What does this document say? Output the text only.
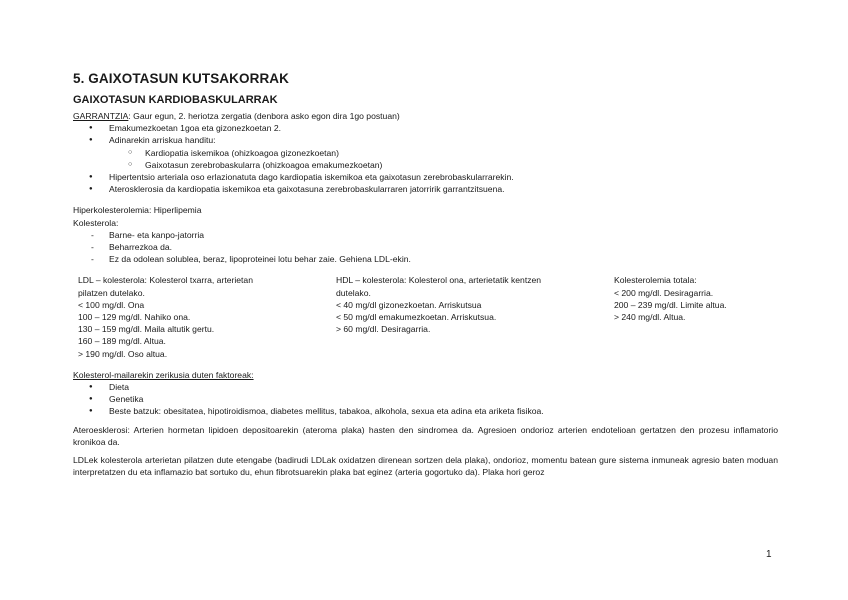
5. GAIXOTASUN KUTSAKORRAK
GAIXOTASUN KARDIOBASKULARRAK

GARRANTZIA: Gaur egun, 2. heriotza zergatia (denbora asko egon dira 1go postuan)

● Emakumezkoetan 1goa eta gizonezkoetan 2.
● Adinarekin arriskua handitu:
○ Kardiopatia iskemikoa (ohizkoagoa gizonezkoetan)
○ Gaixotasun zerebrobaskularra (ohizkoagoa emakumezkoetan)
● Hipertentsio arteriala oso erlazionatuta dago kardiopatia iskemikoa eta gaixotasun zerebrobaskularrarekin.
● Aterosklerosia da kardiopatia iskemikoa eta gaixotasuna zerebrobaskularraren jatorririk garrantzitsuena.

Hiperkolesterolemia: Hiperlipemia

Kolesterola:

- Barne- eta kanpo-jatorria
- Beharrezkoa da.
- Ez da odolean solublea, beraz, lipoproteinei lotu behar zaie. Gehiena LDL-ekin.

LDL – kolesterola: Kolesterol txarra, arterietan

pilatzen dutelako.

< 100 mg/dl. Ona

100 – 129 mg/dl. Nahiko ona.

130 – 159 mg/dl. Maila altutik gertu.

160 – 189 mg/dl. Altua.

> 190 mg/dl. Oso altua.

HDL – kolesterola: Kolesterol ona, arterietatik kentzen

dutelako.

< 40 mg/dl gizonezkoetan. Arriskutsua

< 50 mg/dl emakumezkoetan. Arriskutsua.

> 60 mg/dl. Desiragarria.

Kolesterolemia totala:

< 200 mg/dl. Desiragarria.

200 – 239 mg/dl. Limite altua.

> 240 mg/dl. Altua.

Kolesterol-mailarekin zerikusia duten faktoreak:

● Dieta
● Genetika
● Beste batzuk: obesitatea, hipotiroidismoa, diabetes mellitus, tabakoa, alkohola, sexua eta adina eta ariketa fisikoa.

Ateroesklerosi: Arterien hormetan lipidoen depositoarekin (ateroma plaka) hasten den sindromea da. Agresioen ondorioz arterien endotelioan gertatzen den prozesu inflamatorio kronikoa da.

LDLek kolesterola arterietan pilatzen dute etengabe (badirudi LDLak oxidatzen direnean sortzen dela plaka), ondorioz, momentu batean gure sistema inmuneak agresio baten moduan interpretatzen du eta inflamazio bat sortuko du, ehun fibrotsuarekin plaka bat eginez (arteria gogortuko da). Plaka hori geroz

1
